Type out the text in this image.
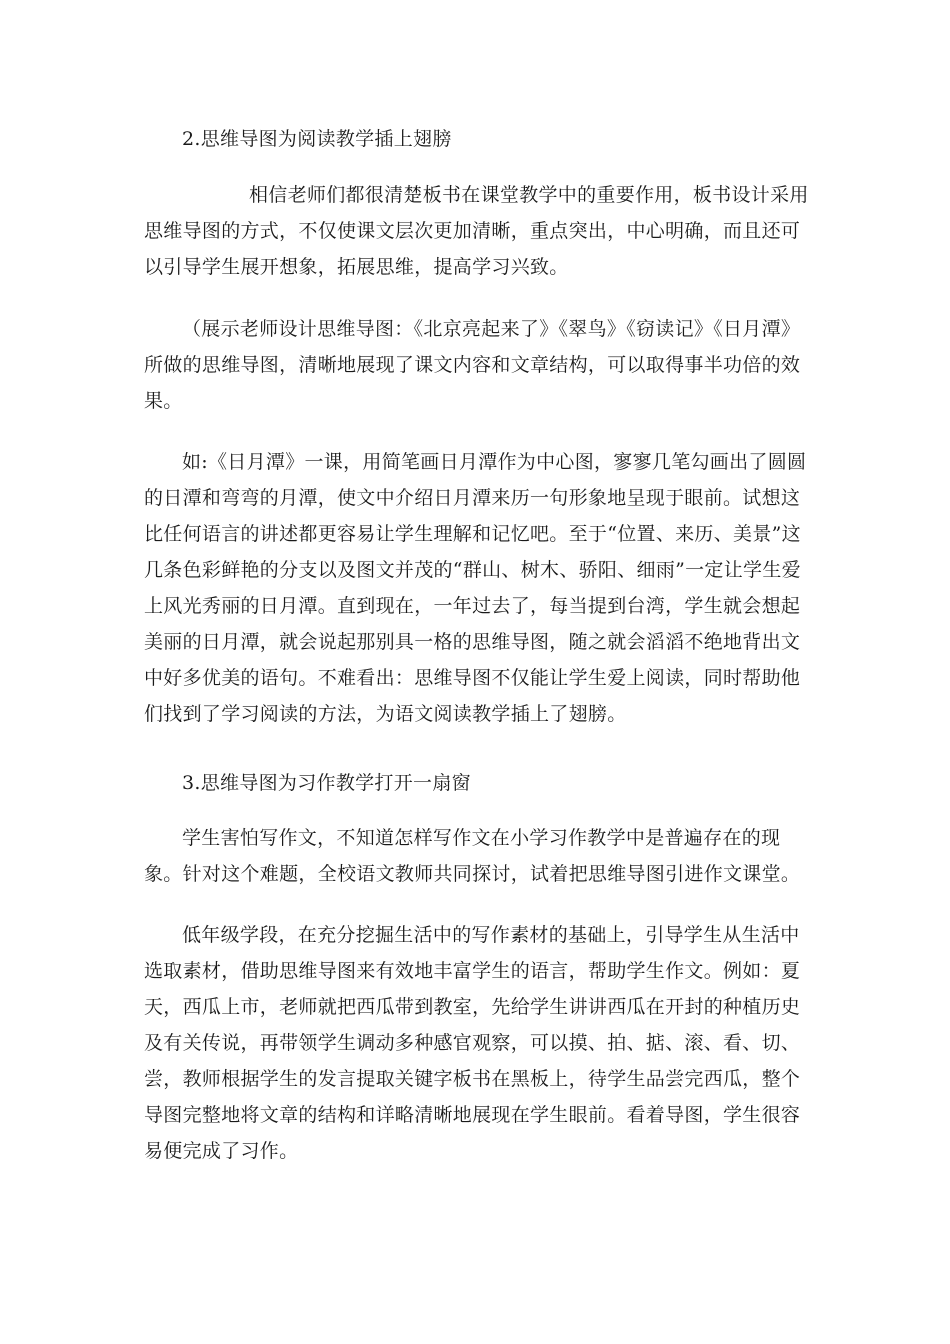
2.思维导图为阅读教学插上翅膀

相信老师们都很清楚板书在课堂教学中的重要作用，板书设计采用思维导图的方式，不仅使课文层次更加清晰，重点突出，中心明确，而且还可以引导学生展开想象，拓展思维，提高学习兴致。

（展示老师设计思维导图：《北京亮起来了》《翠鸟》《窃读记》《日月潭》所做的思维导图，清晰地展现了课文内容和文章结构，可以取得事半功倍的效果。

如:《日月潭》一课，用简笔画日月潭作为中心图，寥寥几笔勾画出了圆圆的日潭和弯弯的月潭，使文中介绍日月潭来历一句形象地呈现于眼前。试想这比任何语言的讲述都更容易让学生理解和记忆吧。至于“位置、来历、美景”这几条色彩鲜艳的分支以及图文并茂的“群山、树木、骄阳、细雨”一定让学生爱上风光秀丽的日月潭。直到现在，一年过去了，每当提到台湾，学生就会想起美丽的日月潭，就会说起那别具一格的思维导图，随之就会滔滔不绝地背出文中好多优美的语句。不难看出：思维导图不仅能让学生爱上阅读，同时帮助他们找到了学习阅读的方法，为语文阅读教学插上了翅膀。

3.思维导图为习作教学打开一扇窗

学生害怕写作文，不知道怎样写作文在小学习作教学中是普遍存在的现象。针对这个难题，全校语文教师共同探讨，试着把思维导图引进作文课堂。

低年级学段，在充分挖掘生活中的写作素材的基础上，引导学生从生活中选取素材，借助思维导图来有效地丰富学生的语言，帮助学生作文。例如：夏天，西瓜上市，老师就把西瓜带到教室，先给学生讲讲西瓜在开封的种植历史及有关传说，再带领学生调动多种感官观察，可以摸、拍、掂、滚、看、切、尝，教师根据学生的发言提取关键字板书在黑板上，待学生品尝完西瓜，整个导图完整地将文章的结构和详略清晰地展现在学生眼前。看着导图，学生很容易便完成了习作。
